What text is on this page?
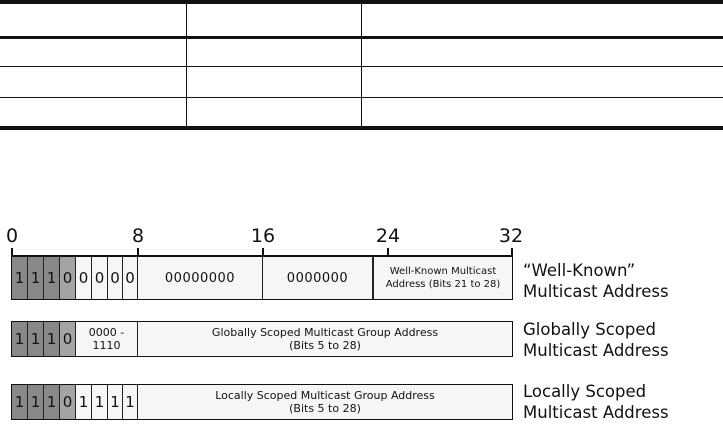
0	8	16	24	32
1 1 1 0 0 0 0 0	00000000	0000000	Well-Known Multicast
Address (Bits 21 to 28)
“Well-Known”
Multicast Address
1 1 1 0	0000 -
1110
Globally Scoped Multicast Group Address
(Bits 5 to 28)
Globally Scoped
Multicast Address
1 1 1 0 1 1 1 1	Locally Scoped Multicast Group Address
(Bits 5 to 28)
Locally Scoped
Multicast Address
